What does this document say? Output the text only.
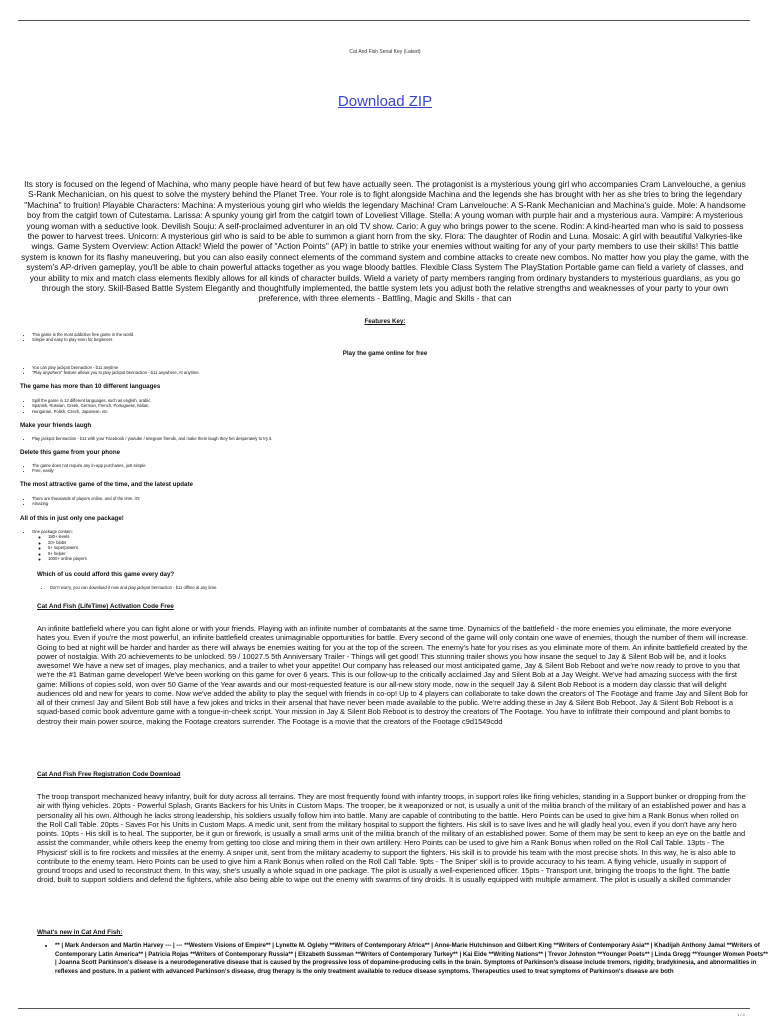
Cat And Fish Serial Key (Latest)
Download ZIP

Its story is focused on the legend of Machina, who many people have heard of but few have actually seen. The protagonist is a mysterious young girl who accompanies Cram Lanvelouche, a genius S-Rank Mechanician, on his quest to solve the mystery behind the Planet Tree. Your role is to fight alongside Machina and the legends she has brought with her as she tries to bring the legendary "Machina" to fruition! Playable Characters: Machina: A mysterious young girl who wields the legendary Machina! Cram Lanvelouche: A S-Rank Mechanician and Machina's guide. Mole: A handsome boy from the catgirl town of Cutestama. Larissa: A spunky young girl from the catgirl town of Loveliest Village. Stella: A young woman with purple hair and a mysterious aura. Vampire: A mysterious young woman with a seductive look. Devilish Souju: A self-proclaimed adventurer in an old TV show. Cario: A guy who brings power to the scene. Rodin: A kind-hearted man who is said to possess the power to harvest trees. Unicorn: A mysterious girl who is said to be able to summon a giant horn from the sky. Flora: The daughter of Rodin and Luna. Mosaic: A girl with beautiful Valkyries-like wings. Game System Overview: Action Attack! Wield the power of "Action Points" (AP) in battle to strike your enemies without waiting for any of your party members to use their skills! This battle system is known for its flashy maneuvering, but you can also easily connect elements of the command system and combine attacks to create new combos. No matter how you play the game, with the system's AP-driven gameplay, you'll be able to chain powerful attacks together as you wage bloody battles. Flexible Class System The PlayStation Portable game can field a variety of classes, and your ability to mix and match class elements flexibly allows for all kinds of character builds. Wield a variety of party members ranging from ordinary bystanders to mysterious guardians, as you go through the story. Skill-Based Battle System Elegantly and thoughtfully implemented, the battle system lets you adjust both the relative strengths and weaknesses of your party to your own preference, with three elements - Battling, Magic and Skills - that can

Features Key:
• This game is the most addictive free game in the world
• Simple and easy to play even for beginners
Play the game online for free
• You can play jackpot bennaction - b11 anytime.
• "Play anywhere" feature allows you to play jackpot bennaction - b11 anywhere, At anytime.
The game has more than 10 different languages
• Spill the game in 12 different languages, such as english, arabic,
• Spanish, Russian, Greek, German, French, Portuguese, Italian,
• Hungarian, Polish, Czech, Japanese, etc
Make your friends laugh
• Play jackpot bennaction - b11 with your Facebook / youtube / telegram friends, and make them laugh they het desperately to try it.
Delete this game from your phone
• The game does not require any in-app purchases, just simple
• Free, easily
The most attractive game of the time, and the latest update
• There are thousands of players online, and of the time, it's
• Amazing
All of this in just only one package!
• One package contain:
◦ 180+ levels
◦ 20+ blobs
◦ 5+ superpowers
◦ 5+ helper
◦ 1000+ online players
Which of us could afford this game every day?
• Don't worry, you can download it now and play jackpot bennaction - b11 offline at any time.

Cat And Fish (LifeTime) Activation Code Free

An infinite battlefield where you can fight alone or with your friends. Playing with an infinite number of combatants at the same time. Dynamics of the battlefield - the more enemies you eliminate, the more everyone hates you. Even if you're the most powerful, an infinite battlefield creates unimaginable opportunities for battle. Every second of the game will only contain one wave of enemies, though the number of them will increase. Going to bed at night will be harder and harder as there will always be enemies waiting for you at the top of the screen. The enemy's hate for you rises as you eliminate more of them. An infinite battlefield created by the power of nostalgia. With 20 achievements to be unlocked. 59 / 10027.5 5th Anniversary Trailer - Things will get good! This stunning trailer shows you how insane the sequel to Jay & Silent Bob will be, and it looks awesome! We have a new set of images, play mechanics, and a trailer to whet your appetite! Our company has released our most anticipated game, Jay & Silent Bob Reboot and we're now ready to prove to you that we're the #1 Batman game developer! We've been working on this game for over 6 years. This is our follow-up to the critically acclaimed Jay and Silent Bob at a Jay Weight. We've had amazing success with the first game: Millions of copies sold, won over 50 Game of the Year awards and our most-requested feature is our all-new story mode, now in the sequel! Jay & Silent Bob Reboot is a modern day classic that will delight audiences old and new for years to come. Now we've added the ability to play the sequel with friends in co-op! Up to 4 players can collaborate to take down the creators of The Footage and frame Jay and Silent Bob for all of their crimes! Jay and Silent Bob still have a few jokes and tricks in their arsenal that have never been made available to the public. We're adding these in Jay & Silent Bob Reboot. Jay & Silent Bob Reboot is a squad-based comic book adventure game with a tongue-in-cheek script. Your mission in Jay & Silent Bob Reboot is to destroy the creators of The Footage. You have to infiltrate their compound and plant bombs to destroy their main power source, making the Footage creators surrender. The Footage is a movie that the creators of the Footage c9d1549cdd

Cat And Fish Free Registration Code Download

The troop transport mechanized heavy infantry, built for duty across all terrains. They are most frequently found with infantry troops, in support roles like firing vehicles, standing in a Support bunker or dropping from the air with flying vehicles. 20pts - Powerful Splash, Grants Backers for his Units in Custom Maps. The trooper, be it weaponized or not, is usually a unit of the militia branch of the military of an established power and has a personality all his own. Although he lacks strong leadership, his soldiers usually follow him into battle. Many are capable of contributing to the battle. Hero Points can be used to give him a Rank Bonus when rolled on the Roll Call Table. 20pts - Saves For his Units in Custom Maps. A medic unit, sent from the military hospital to support the fighters. His skill is to save lives and he will gladly heal you, even if you don't have any hero points. 10pts - His skill is to heal. The supporter, be it gun or firework, is usually a small arms unit of the militia branch of the military of an established power. Some of them may be sent to keep an eye on the battle and assist the commander, while others keep the enemy from getting too close and miring them in their own artillery. Hero Points can be used to give him a Rank Bonus when rolled on the Roll Call Table. 13pts - The Physicist' skill is to fire rockets and missiles at the enemy. A sniper unit, sent from the military academy to support the fighters. His skill is to provide his team with the most precise shots. In this way, he is also able to contribute to the enemy team. Hero Points can be used to give him a Rank Bonus when rolled on the Roll Call Table. 9pts - The Sniper' skill is to provide accuracy to his team. A flying vehicle, usually in support of ground troops and used to reconstruct them. In this way, she's usually a whole squad in one package. The pilot is usually a well-experienced officer. 15pts - Transport unit, bringing the troops to the fight. The battle droid, built to support soldiers and defend the fighters, while also being able to wipe out the enemy with swarms of tiny droids. It is usually equipped with multiple armament. The pilot is usually a skilled commander

What's new in Cat And Fish:

• ** | Mark Anderson and Martin Harvey --- | --- **Western Visions of Empire** | Lynette M. Ogleby **Writers of Contemporary Africa** | Anne-Marie Hutchinson and Gilbert King **Writers of Contemporary Asia** | Khadijah Anthony Jamal **Writers of Contemporary Latin America** | Patricia Rojas **Writers of Contemporary Russia** | Elizabeth Sussman **Writers of Contemporary Turkey** | Kai Eide **Writing Nations** | Trevor Johnston **Younger Poets** | Linda Gregg **Younger Women Poets** | Joanna Scott Parkinson's disease is a neurodegenerative disease that is caused by the progressive loss of dopamine-producing cells in the brain. Symptoms of Parkinson's disease include tremors, rigidity, bradykinesia, and abnormalities in reflexes and posture. In a patient with advanced Parkinson's disease, drug therapy is the only treatment available to reduce disease symptoms. Therapeutics used to treat symptoms of Parkinson's disease are both
1 / 4
